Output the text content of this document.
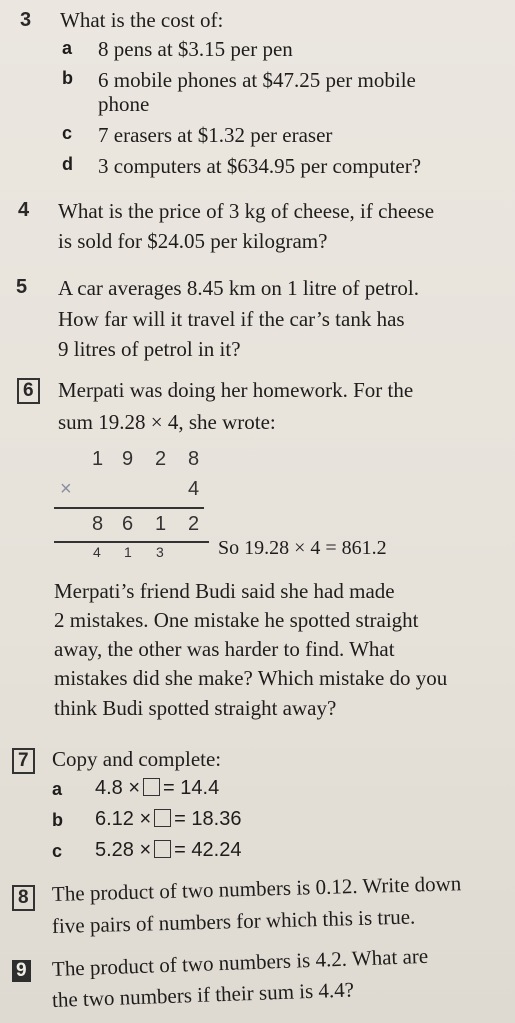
3 What is the cost of:
a 8 pens at $3.15 per pen
b 6 mobile phones at $47.25 per mobile
phone
c 7 erasers at $1.32 per eraser
d 3 computers at $634.95 per computer?
4 What is the price of 3 kg of cheese, if cheese
is sold for $24.05 per kilogram?
5 A car averages 8.45 km on 1 litre of petrol.
How far will it travel if the car’s tank has
9 litres of petrol in it?
6 Merpati was doing her homework. For the
sum 19.28 × 4, she wrote:
1 9 2 8
×	4
8 6 1 2
4 1 3	So 19.28 × 4 = 861.2
Merpati’s friend Budi said she had made
2 mistakes. One mistake he spotted straight
away, the other was harder to find. What
mistakes did she make? Which mistake do you
think Budi spotted straight away?
7 Copy and complete:
a 4.8 × = 14.4
b 6.12 × = 18.36
c 5.28 × = 42.24
8 The product of two numbers is 0.12. Write down
five pairs of numbers for which this is true.
9 The product of two numbers is 4.2. What are
the two numbers if their sum is 4.4?
